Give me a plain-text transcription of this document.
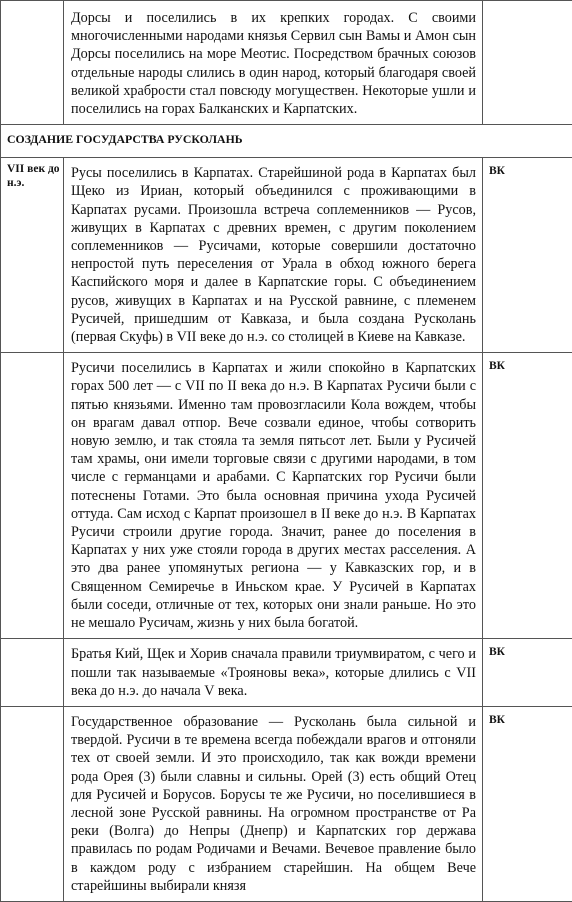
	Дорсы и поселились в их крепких городах. С своими многочисленными народами князья Сервил сын Вамы и Амон сын Дорсы поселились на море Меотис. Посредством брачных союзов отдельные народы слились в один народ, который благодаря своей великой храбрости стал повсюду могуществен. Некоторые ушли и поселились на горах Балканских и Карпатских.	
СОЗДАНИЕ ГОСУДАРСТВА РУСКОЛАНЬ		
VII век до н.э.	Русы поселились в Карпатах. Старейшиной рода в Карпатах был Щеко из Ириан, который объединился с проживающими в Карпатах русами. Произошла встреча соплеменников — Русов, живущих в Карпатах с древних времен, с другим поколением соплеменников — Русичами, которые совершили достаточно непростой путь переселения от Урала в обход южного берега Каспийского моря и далее в Карпатские горы. С объединением русов, живущих в Карпатах и на Русской равнине, с племенем Русичей, пришедшим от Кавказа, и была создана Русколань (первая Скуфь) в VII веке до н.э. со столицей в Киеве на Кавказе.	ВК
	Русичи поселились в Карпатах и жили спокойно в Карпатских горах 500 лет — с VII по II века до н.э. В Карпатах Русичи были с пятью князьями. Именно там провозгласили Кола вождем, чтобы он врагам давал отпор. Вече созвали единое, чтобы сотворить новую землю, и так стояла та земля пятьсот лет. Были у Русичей там храмы, они имели торговые связи с другими народами, в том числе с германцами и арабами. С Карпатских гор Русичи были потеснены Готами. Это была основная причина ухода Русичей оттуда. Сам исход с Карпат произошел в II веке до н.э. В Карпатах Русичи строили другие города. Значит, ранее до поселения в Карпатах у них уже стояли города в других местах расселения. А это два ранее упомянутых региона — у Кавказских гор, и в Священном Семиречье в Иньском крае. У Русичей в Карпатах были соседи, отличные от тех, которых они знали раньше. Но это не мешало Русичам, жизнь у них была богатой.	ВК
	Братья Кий, Щек и Хорив сначала правили триумвиратом, с чего и пошли так называемые «Трояновы века», которые длились с VII века до н.э. до начала V века.	ВК
	Государственное образование — Русколань была сильной и твердой. Русичи в те времена всегда побеждали врагов и отгоняли тех от своей земли. И это происходило, так как вожди времени рода Орея (3) были славны и сильны. Орей (3) есть общий Отец для Русичей и Борусов. Борусы те же Русичи, но поселившиеся в лесной зоне Русской равнины. На огромном пространстве от Ра реки (Волга) до Непры (Днепр) и Карпатских гор держава правилась по родам Родичами и Вечами. Вечевое правление было в каждом роду с избранием старейшин. На общем Вече старейшины выбирали князя	ВК
